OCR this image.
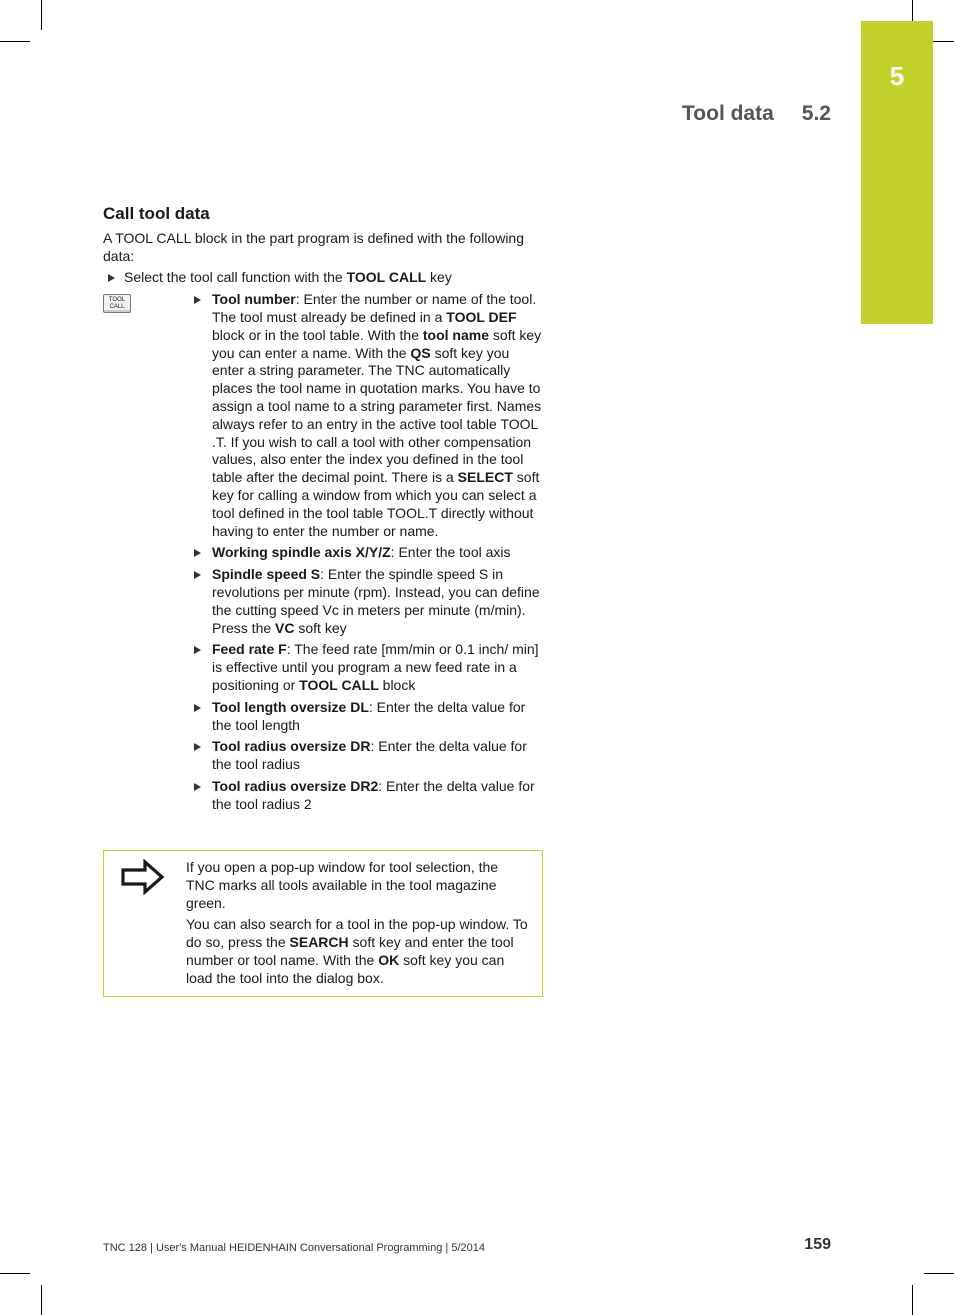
5
Tool data 5.2
Call tool data

A TOOL CALL block in the part program is defined with the following data:

Select the tool call function with the TOOL CALL key
TOOL
CALL	Tool number: Enter the number or name of the tool. The tool must already be defined in a TOOL DEF block or in the tool table. With the tool name soft key you can enter a name. With the QS soft key you enter a string parameter. The TNC automatically places the tool name in quotation marks. You have to assign a tool name to a string parameter first. Names always refer to an entry in the active tool table TOOL .T. If you wish to call a tool with other compensation values, also enter the index you defined in the tool table after the decimal point. There is a SELECT soft key for calling a window from which you can select a tool defined in the tool table TOOL.T directly without having to enter the number or name.
Working spindle axis X/Y/Z: Enter the tool axis
Spindle speed S: Enter the spindle speed S in revolutions per minute (rpm). Instead, you can define the cutting speed Vc in meters per minute (m/min). Press the VC soft key
Feed rate F: The feed rate [mm/min or 0.1 inch/ min] is effective until you program a new feed rate in a positioning or TOOL CALL block
Tool length oversize DL: Enter the delta value for the tool length
Tool radius oversize DR: Enter the delta value for the tool radius
Tool radius oversize DR2: Enter the delta value for the tool radius 2

If you open a pop-up window for tool selection, the TNC marks all tools available in the tool magazine green.

You can also search for a tool in the pop-up window. To do so, press the SEARCH soft key and enter the tool number or tool name. With the OK soft key you can load the tool into the dialog box.

TNC 128 | User's Manual HEIDENHAIN Conversational Programming | 5/2014	159
